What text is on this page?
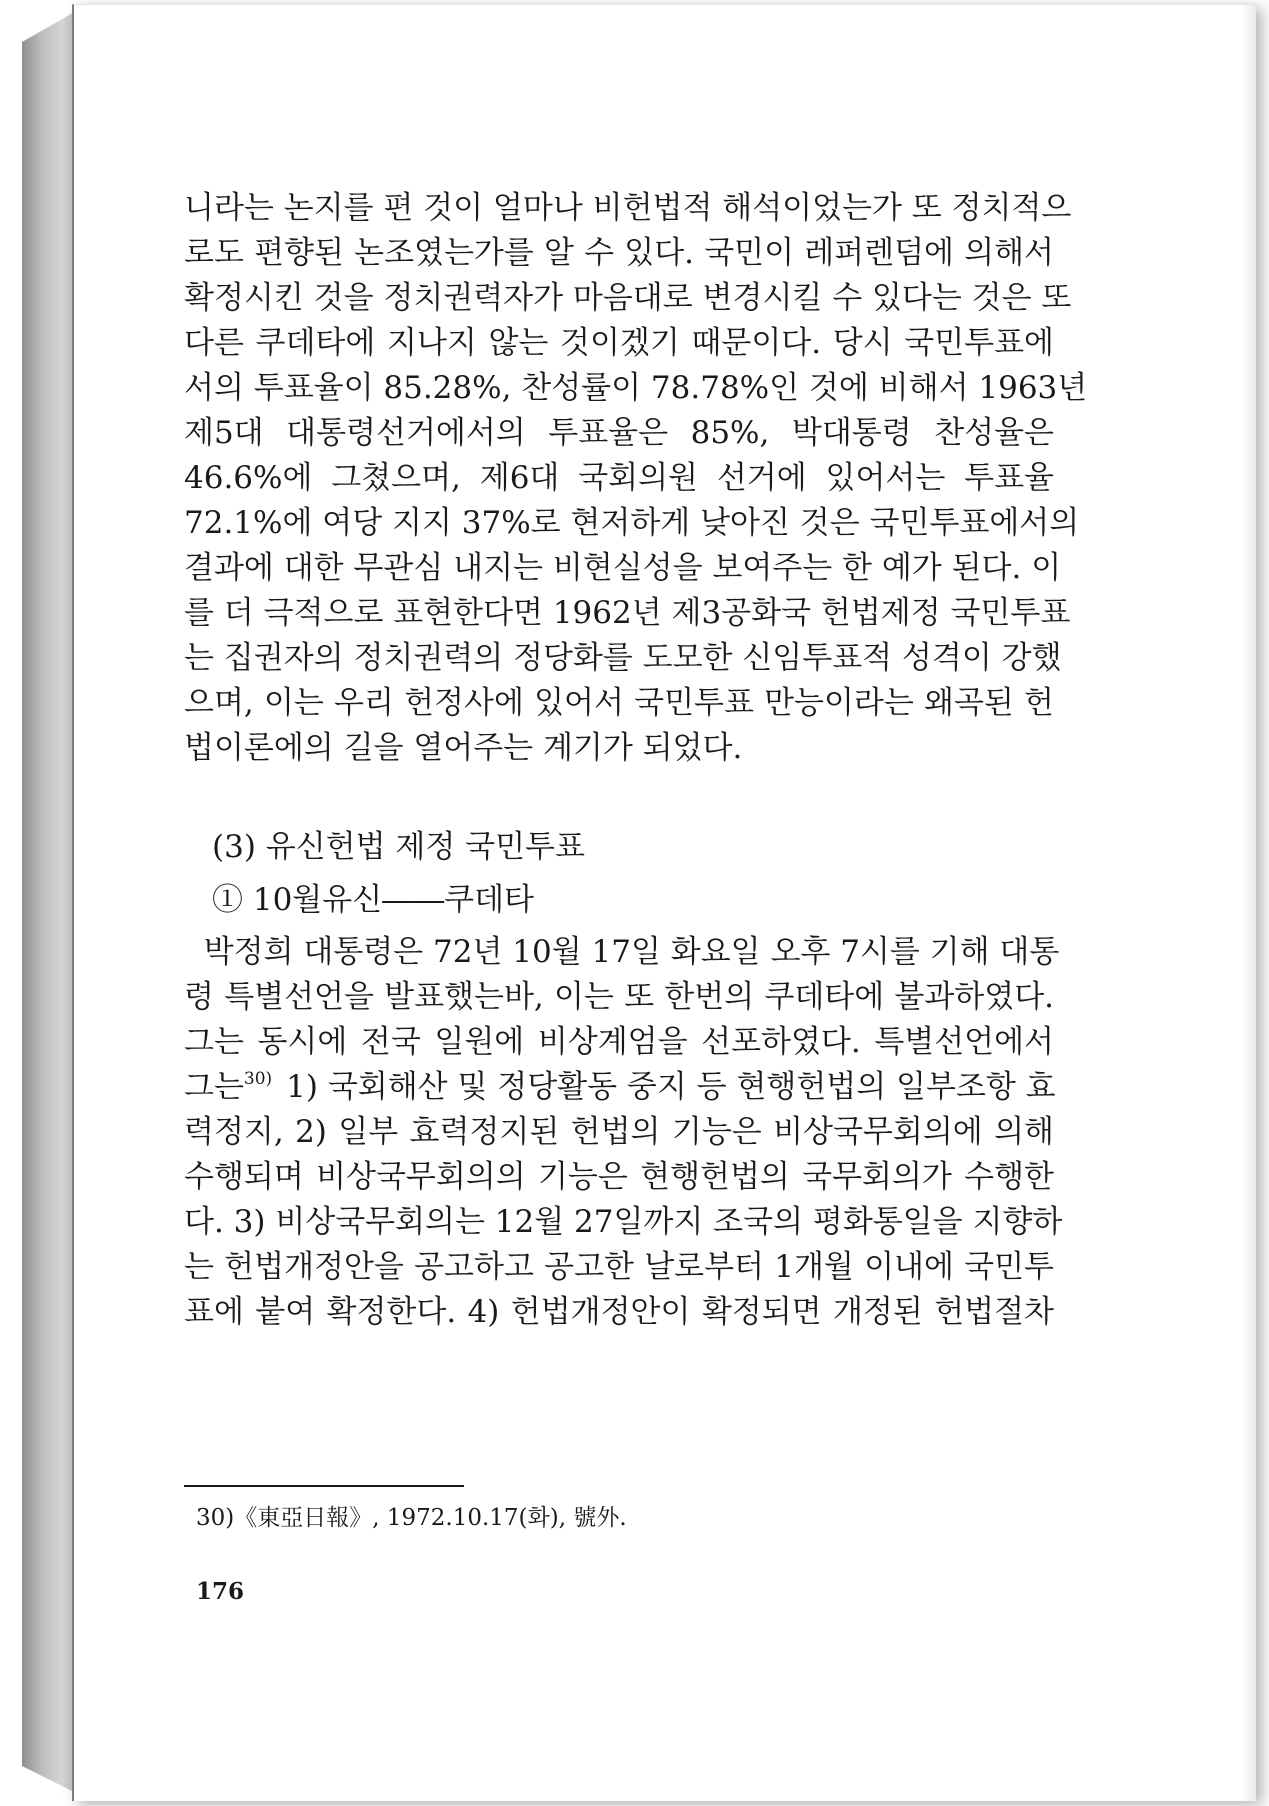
니라는 논지를 편 것이 얼마나 비헌법적 해석이었는가 또 정치적으
로도 편향된 논조였는가를 알 수 있다. 국민이 레퍼렌덤에 의해서
확정시킨 것을 정치권력자가 마음대로 변경시킬 수 있다는 것은 또
다른 쿠데타에 지나지 않는 것이겠기 때문이다. 당시 국민투표에
서의 투표율이 85.28%, 찬성률이 78.78%인 것에 비해서 1963년
제5대 대통령선거에서의 투표율은 85%, 박대통령 찬성율은
46.6%에 그쳤으며, 제6대 국회의원 선거에 있어서는 투표율
72.1%에 여당 지지 37%로 현저하게 낮아진 것은 국민투표에서의
결과에 대한 무관심 내지는 비현실성을 보여주는 한 예가 된다. 이
를 더 극적으로 표현한다면 1962년 제3공화국 헌법제정 국민투표
는 집권자의 정치권력의 정당화를 도모한 신임투표적 성격이 강했
으며, 이는 우리 헌정사에 있어서 국민투표 만능이라는 왜곡된 헌
법이론에의 길을 열어주는 계기가 되었다.
(3) 유신헌법 제정 국민투표
① 10월유신――쿠데타
박정희 대통령은 72년 10월 17일 화요일 오후 7시를 기해 대통
령 특별선언을 발표했는바, 이는 또 한번의 쿠데타에 불과하였다.
그는 동시에 전국 일원에 비상계엄을 선포하였다. 특별선언에서
그는$^{30)}$ 1) 국회해산 및 정당활동 중지 등 현행헌법의 일부조항 효
력정지, 2) 일부 효력정지된 헌법의 기능은 비상국무회의에 의해
수행되며 비상국무회의의 기능은 현행헌법의 국무회의가 수행한
다. 3) 비상국무회의는 12월 27일까지 조국의 평화통일을 지향하
는 헌법개정안을 공고하고 공고한 날로부터 1개월 이내에 국민투
표에 붙여 확정한다. 4) 헌법개정안이 확정되면 개정된 헌법절차
30)《東亞日報》, 1972.10.17(화), 號外.
176
